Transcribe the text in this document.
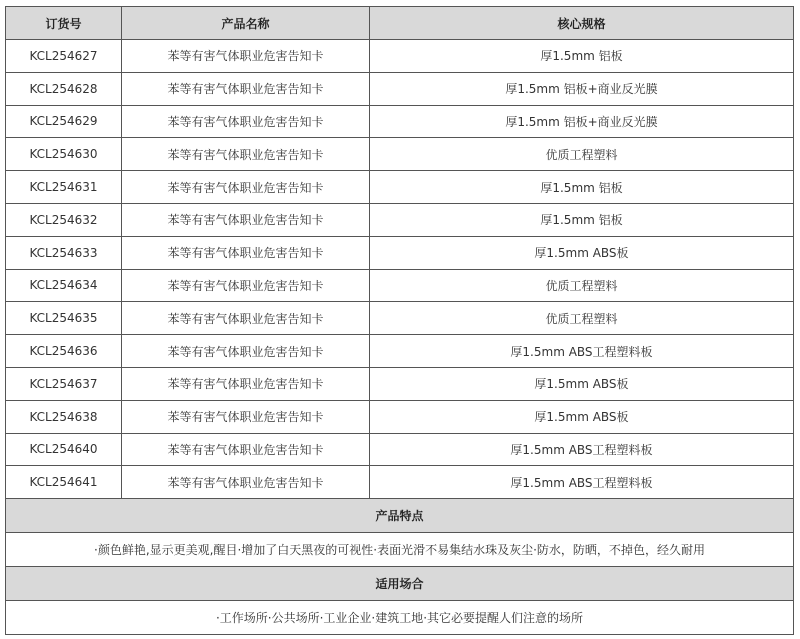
订货号	产品名称	核心规格
KCL254627	苯等有害气体职业危害告知卡	厚1.5mm 铝板
KCL254628	苯等有害气体职业危害告知卡	厚1.5mm 铝板+商业反光膜
KCL254629	苯等有害气体职业危害告知卡	厚1.5mm 铝板+商业反光膜
KCL254630	苯等有害气体职业危害告知卡	优质工程塑料
KCL254631	苯等有害气体职业危害告知卡	厚1.5mm 铝板
KCL254632	苯等有害气体职业危害告知卡	厚1.5mm 铝板
KCL254633	苯等有害气体职业危害告知卡	厚1.5mm ABS板
KCL254634	苯等有害气体职业危害告知卡	优质工程塑料
KCL254635	苯等有害气体职业危害告知卡	优质工程塑料
KCL254636	苯等有害气体职业危害告知卡	厚1.5mm ABS工程塑料板
KCL254637	苯等有害气体职业危害告知卡	厚1.5mm ABS板
KCL254638	苯等有害气体职业危害告知卡	厚1.5mm ABS板
KCL254640	苯等有害气体职业危害告知卡	厚1.5mm ABS工程塑料板
KCL254641	苯等有害气体职业危害告知卡	厚1.5mm ABS工程塑料板
产品特点		
·颜色鲜艳,显示更美观,醒目·增加了白天黑夜的可视性·表面光滑不易集结水珠及灰尘·防水，防晒，不掉色，经久耐用		
适用场合		
·工作场所·公共场所·工业企业·建筑工地·其它必要提醒人们注意的场所		
